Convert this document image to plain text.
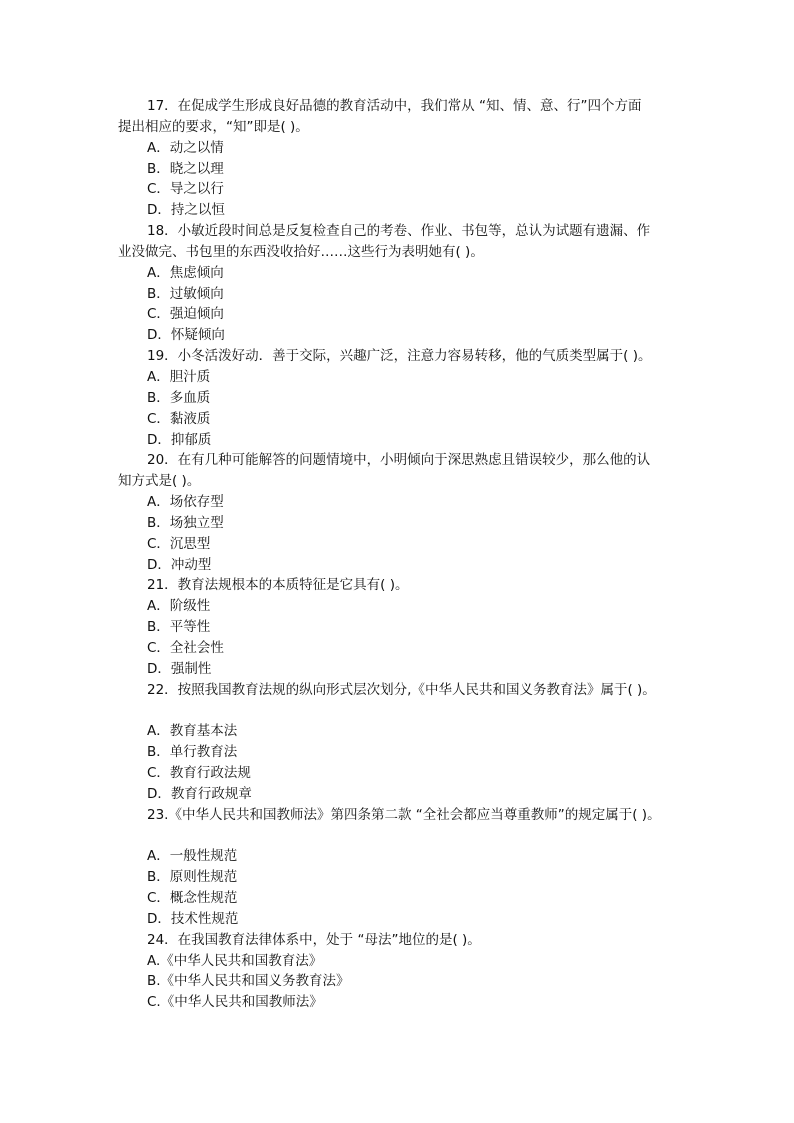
17．在促成学生形成良好品德的教育活动中，我们常从 “知、情、意、行”四个方面
提出相应的要求，“知”即是( )。
A．动之以情
B．晓之以理
C．导之以行
D．持之以恒
18．小敏近段时间总是反复检查自己的考卷、作业、书包等，总认为试题有遗漏、作
业没做完、书包里的东西没收拾好……这些行为表明她有( )。
A．焦虑倾向
B．过敏倾向
C．强迫倾向
D．怀疑倾向
19．小冬活泼好动．善于交际，兴趣广泛，注意力容易转移，他的气质类型属于( )。
A．胆汁质
B．多血质
C．黏液质
D．抑郁质
20．在有几种可能解答的问题情境中，小明倾向于深思熟虑且错误较少，那么他的认
知方式是( )。
A．场依存型
B．场独立型
C．沉思型
D．冲动型
21．教育法规根本的本质特征是它具有( )。
A．阶级性
B．平等性
C．全社会性
D．强制性
22．按照我国教育法规的纵向形式层次划分,《中华人民共和国义务教育法》属于( )。
A．教育基本法
B．单行教育法
C．教育行政法规
D．教育行政规章
23.《中华人民共和国教师法》第四条第二款 “全社会都应当尊重教师”的规定属于( )。
A．一般性规范
B．原则性规范
C．概念性规范
D．技术性规范
24．在我国教育法律体系中，处于 “母法”地位的是( )。
A.《中华人民共和国教育法》
B.《中华人民共和国义务教育法》
C.《中华人民共和国教师法》
